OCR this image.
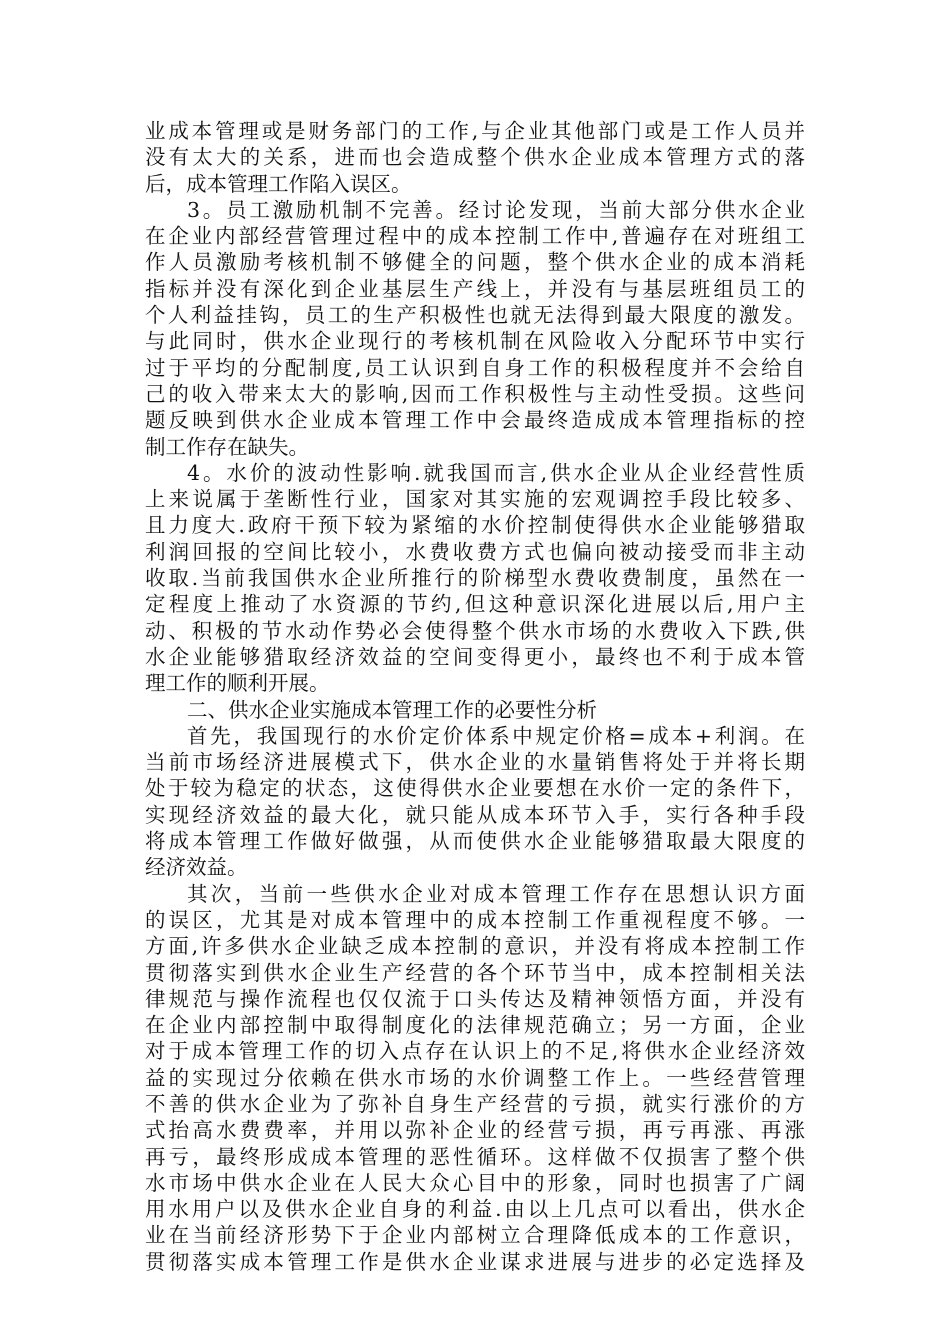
业成本管理或是财务部门的工作,与企业其他部门或是工作人员并
没有太大的关系，进而也会造成整个供水企业成本管理方式的落
后，成本管理工作陷入误区。
3。员工激励机制不完善。经讨论发现，当前大部分供水企业
在企业内部经营管理过程中的成本控制工作中,普遍存在对班组工
作人员激励考核机制不够健全的问题，整个供水企业的成本消耗
指标并没有深化到企业基层生产线上，并没有与基层班组员工的
个人利益挂钩，员工的生产积极性也就无法得到最大限度的激发。
与此同时，供水企业现行的考核机制在风险收入分配环节中实行
过于平均的分配制度,员工认识到自身工作的积极程度并不会给自
己的收入带来太大的影响,因而工作积极性与主动性受损。这些问
题反映到供水企业成本管理工作中会最终造成成本管理指标的控
制工作存在缺失。
4。水价的波动性影响.就我国而言,供水企业从企业经营性质
上来说属于垄断性行业，国家对其实施的宏观调控手段比较多、
且力度大.政府干预下较为紧缩的水价控制使得供水企业能够猎取
利润回报的空间比较小，水费收费方式也偏向被动接受而非主动
收取.当前我国供水企业所推行的阶梯型水费收费制度，虽然在一
定程度上推动了水资源的节约,但这种意识深化进展以后,用户主
动、积极的节水动作势必会使得整个供水市场的水费收入下跌,供
水企业能够猎取经济效益的空间变得更小，最终也不利于成本管
理工作的顺利开展。
二、供水企业实施成本管理工作的必要性分析
首先，我国现行的水价定价体系中规定价格=成本+利润。在
当前市场经济进展模式下，供水企业的水量销售将处于并将长期
处于较为稳定的状态，这使得供水企业要想在水价一定的条件下，
实现经济效益的最大化，就只能从成本环节入手，实行各种手段
将成本管理工作做好做强，从而使供水企业能够猎取最大限度的
经济效益。
其次，当前一些供水企业对成本管理工作存在思想认识方面
的误区，尤其是对成本管理中的成本控制工作重视程度不够。一
方面,许多供水企业缺乏成本控制的意识，并没有将成本控制工作
贯彻落实到供水企业生产经营的各个环节当中，成本控制相关法
律规范与操作流程也仅仅流于口头传达及精神领悟方面，并没有
在企业内部控制中取得制度化的法律规范确立；另一方面，企业
对于成本管理工作的切入点存在认识上的不足,将供水企业经济效
益的实现过分依赖在供水市场的水价调整工作上。一些经营管理
不善的供水企业为了弥补自身生产经营的亏损，就实行涨价的方
式抬高水费费率，并用以弥补企业的经营亏损，再亏再涨、再涨
再亏，最终形成成本管理的恶性循环。这样做不仅损害了整个供
水市场中供水企业在人民大众心目中的形象，同时也损害了广阔
用水用户以及供水企业自身的利益.由以上几点可以看出，供水企
业在当前经济形势下于企业内部树立合理降低成本的工作意识，
贯彻落实成本管理工作是供水企业谋求进展与进步的必定选择及
